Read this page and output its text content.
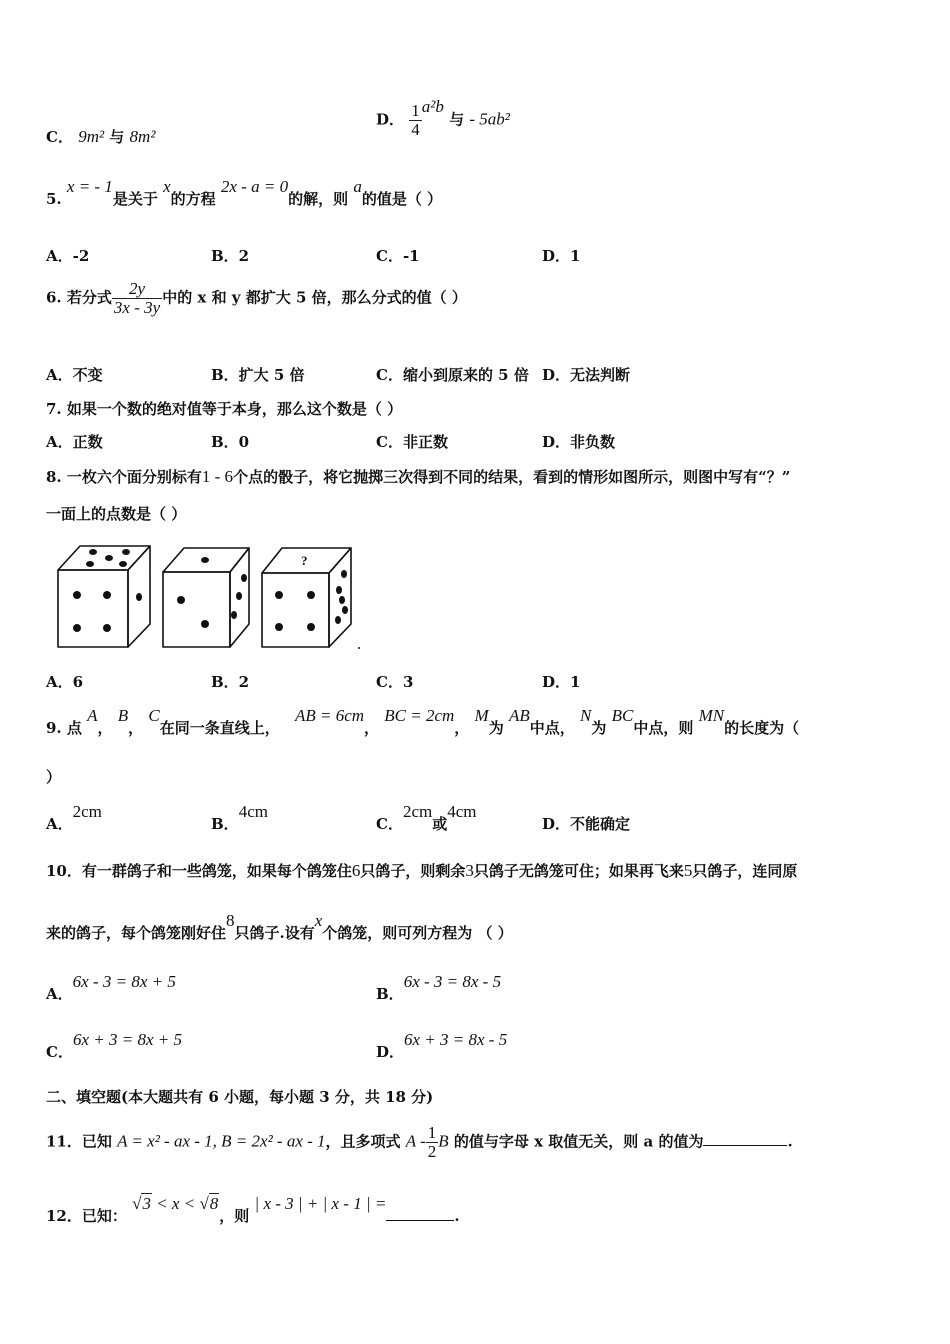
C． 9m² 与 8m²
D． $\frac{1}{4} a^2b$ 与 - 5ab²
5. x = - 1是关于 x的方程 2x - a = 0的解，则 a的值是（ ）
A．-2	B．2	C．-1	D．1
6. 若分式 $\frac{2y}{3x - 3y}$ 中的 x 和 y 都扩大 5 倍，那么分式的值（ ）
A．不变	B．扩大 5 倍	C．缩小到原来的 5 倍 D．无法判断
7. 如果一个数的绝对值等于本身，那么这个数是（ ）
A．正数	B．0	C．非正数	D．非负数
8. 一枚六个面分别标有1 - 6个点的骰子，将它抛掷三次得到不同的结果，看到的情形如图所示，则图中写有“？”
一面上的点数是（ ）
?
A．6	B．2	C．3	D．1
9. 点 A， B， C在同一条直线上， AB = 6cm， BC = 2cm， M为 AB中点， N为 BC中点，则 MN的长度为（
）
A．2cm
B．4cm
C．2cm或4cm
D．不能确定
10．有一群鸽子和一些鸽笼，如果每个鸽笼住6只鸽子，则剩余3只鸽子无鸽笼可住；如果再飞来5只鸽子，连同原
来的鸽子，每个鸽笼刚好住8只鸽子.设有x个鸽笼，则可列方程为 （ ）
A．6x - 3 = 8x + 5
B．6x - 3 = 8x - 5
C．6x + 3 = 8x + 5
D．6x + 3 = 8x - 5
二、填空题(本大题共有 6 小题，每小题 3 分，共 18 分)
11．已知 A = x² - ax - 1, B = 2x² - ax - 1，且多项式 A - $\frac{1}{2}$ B 的值与字母 x 取值无关，则 a 的值为	.
12．已知： √3 < x < √8，则 | x - 3 | + | x - 1 | =.
